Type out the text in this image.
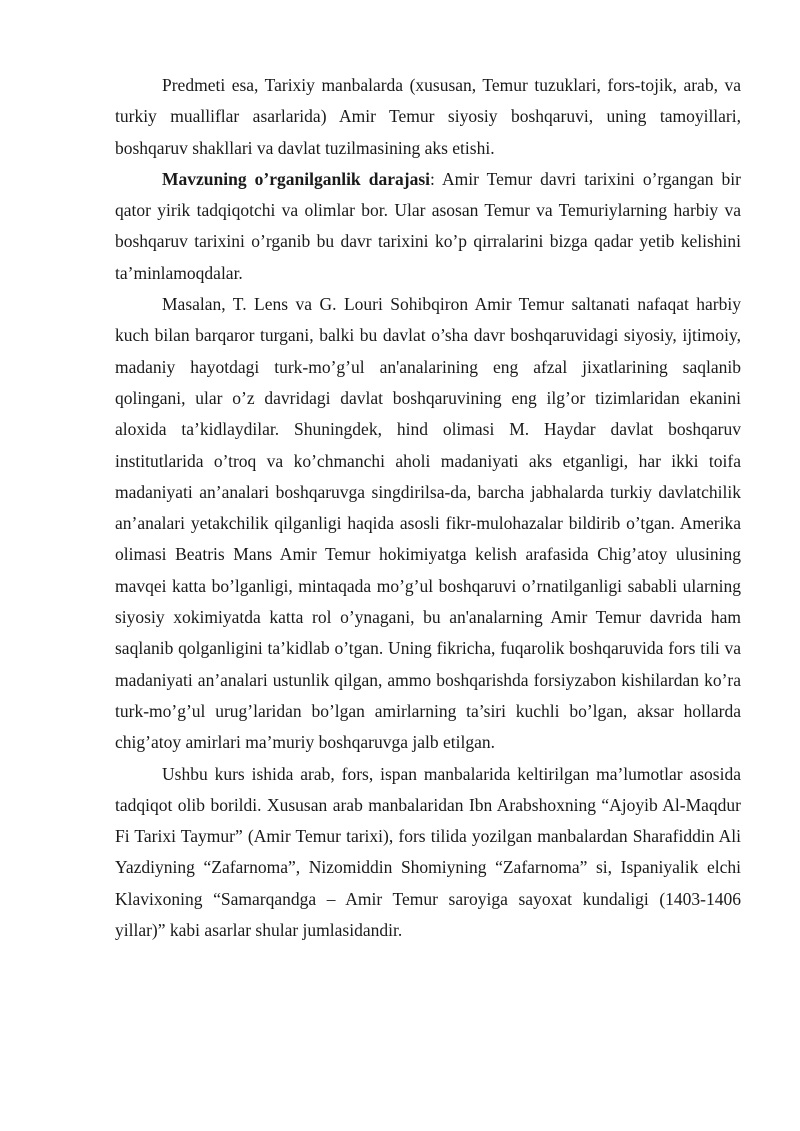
Predmeti esa, Tarixiy manbalarda (xususan, Temur tuzuklari, fors-tojik, arab, va turkiy mualliflar asarlarida) Amir Temur siyosiy boshqaruvi, uning tamoyillari, boshqaruv shakllari va davlat tuzilmasining aks etishi.

Mavzuning o’rganilganlik darajasi: Amir Temur davri tarixini o’rgangan bir qator yirik tadqiqotchi va olimlar bor. Ular asosan Temur va Temuriylarning harbiy va boshqaruv tarixini o’rganib bu davr tarixini ko’p qirralarini bizga qadar yetib kelishini ta’minlamoqdalar.

Masalan, T. Lens va G. Louri Sohibqiron Amir Temur saltanati nafaqat harbiy kuch bilan barqaror turgani, balki bu davlat o’sha davr boshqaruvidagi siyosiy, ijtimoiy, madaniy hayotdagi turk-mo’g’ul an'analarining eng afzal jixatlarining saqlanib qolingani, ular o’z davridagi davlat boshqaruvining eng ilg’or tizimlaridan ekanini aloxida ta’kidlaydilar. Shuningdek, hind olimasi M. Haydar davlat boshqaruv institutlarida o’troq va ko’chmanchi aholi madaniyati aks etganligi, har ikki toifa madaniyati an’analari boshqaruvga singdirilsa-da, barcha jabhalarda turkiy davlatchilik an’analari yetakchilik qilganligi haqida asosli fikr-mulohazalar bildirib o’tgan. Amerika olimasi Beatris Mans Amir Temur hokimiyatga kelish arafasida Chig’atoy ulusining mavqei katta bo’lganligi, mintaqada mo’g’ul boshqaruvi o’rnatilganligi sababli ularning siyosiy xokimiyatda katta rol o’ynagani, bu an'analarning Amir Temur davrida ham saqlanib qolganligini ta’kidlab o’tgan. Uning fikricha, fuqarolik boshqaruvida fors tili va madaniyati an’analari ustunlik qilgan, ammo boshqarishda forsiyzabon kishilardan ko’ra turk-mo’g’ul urug’laridan bo’lgan amirlarning ta’siri kuchli bo’lgan, aksar hollarda chig’atoy amirlari ma’muriy boshqaruvga jalb etilgan.

Ushbu kurs ishida arab, fors, ispan manbalarida keltirilgan ma’lumotlar asosida tadqiqot olib borildi. Xususan arab manbalaridan Ibn Arabshoxning “Ajoyib Al-Maqdur Fi Tarixi Taymur” (Amir Temur tarixi), fors tilida yozilgan manbalardan Sharafiddin Ali Yazdiyning “Zafarnoma”, Nizomiddin Shomiyning “Zafarnoma” si, Ispaniyalik elchi Klavixoning “Samarqandga – Amir Temur saroyiga sayoxat kundaligi (1403-1406 yillar)” kabi asarlar shular jumlasidandir.
